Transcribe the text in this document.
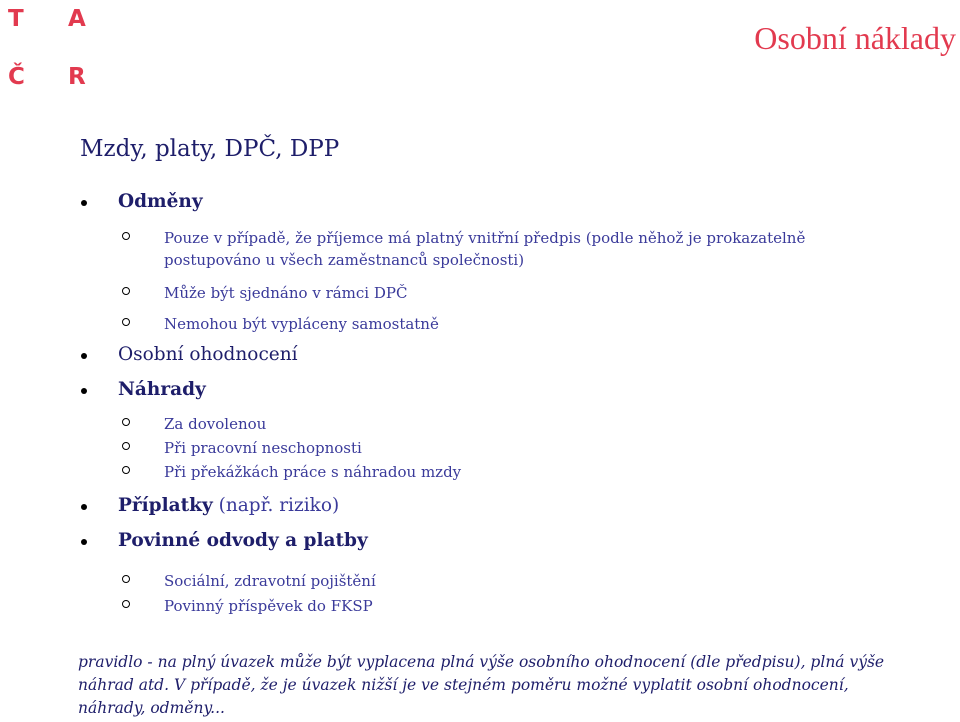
T A
Č R
Osobní náklady
Mzdy, platy, DPČ, DPP
Odměny
Pouze v případě, že příjemce má platný vnitřní předpis (podle něhož je prokazatelně
postupováno u všech zaměstnanců společnosti)
Může být sjednáno v rámci DPČ
Nemohou být vypláceny samostatně
Osobní ohodnocení
Náhrady
Za dovolenou
Při pracovní neschopnosti
Při překážkách práce s náhradou mzdy
Příplatky (např. riziko)
Povinné odvody a platby
Sociální, zdravotní pojištění
Povinný příspěvek do FKSP
pravidlo - na plný úvazek může být vyplacena plná výše osobního ohodnocení (dle předpisu), plná výše
náhrad atd. V případě, že je úvazek nižší je ve stejném poměru možné vyplatit osobní ohodnocení,
náhrady, odměny...
